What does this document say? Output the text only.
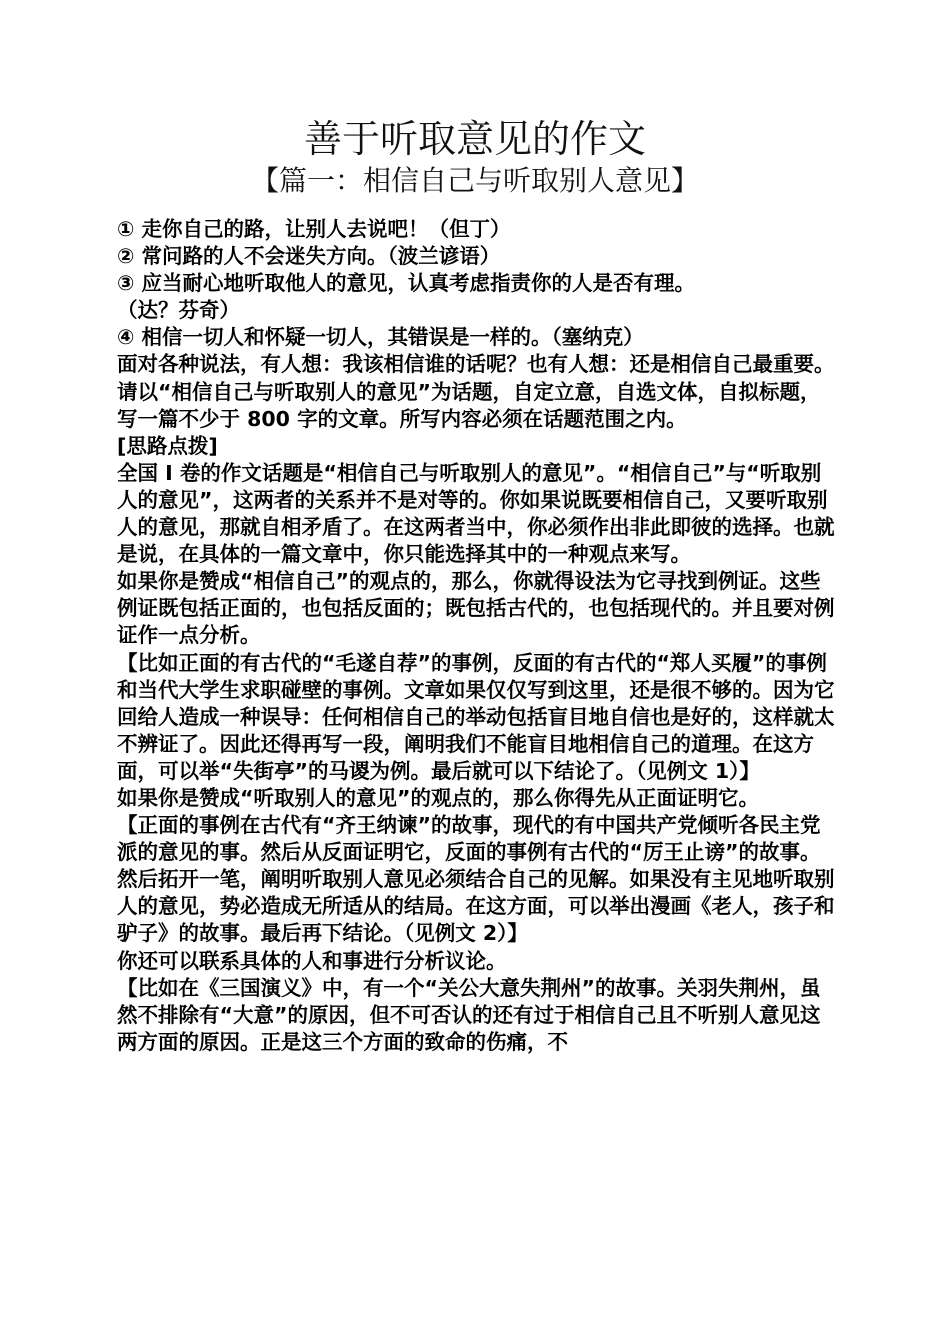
善于听取意见的作文
【篇一：相信自己与听取别人意见】

① 走你自己的路，让别人去说吧！（但丁）

② 常问路的人不会迷失方向。（波兰谚语）

③ 应当耐心地听取他人的意见，认真考虑指责你的人是否有理。

（达？芬奇）

④ 相信一切人和怀疑一切人，其错误是一样的。（塞纳克）

面对各种说法，有人想：我该相信谁的话呢？也有人想：还是相信自己最重要。请以“相信自己与听取别人的意见”为话题，自定立意，自选文体，自拟标题，写一篇不少于 800 字的文章。所写内容必须在话题范围之内。

[思路点拨]

全国 I 卷的作文话题是“相信自己与听取别人的意见”。“相信自己”与“听取别人的意见”，这两者的关系并不是对等的。你如果说既要相信自己，又要听取别人的意见，那就自相矛盾了。在这两者当中，你必须作出非此即彼的选择。也就是说，在具体的一篇文章中，你只能选择其中的一种观点来写。

如果你是赞成“相信自己”的观点的，那么，你就得设法为它寻找到例证。这些例证既包括正面的，也包括反面的；既包括古代的，也包括现代的。并且要对例证作一点分析。

【比如正面的有古代的“毛遂自荐”的事例，反面的有古代的“郑人买履”的事例和当代大学生求职碰壁的事例。文章如果仅仅写到这里，还是很不够的。因为它回给人造成一种误导：任何相信自己的举动包括盲目地自信也是好的，这样就太不辨证了。因此还得再写一段，阐明我们不能盲目地相信自己的道理。在这方面，可以举“失街亭”的马谡为例。最后就可以下结论了。（见例文 1）】

如果你是赞成“听取别人的意见”的观点的，那么你得先从正面证明它。

【正面的事例在古代有“齐王纳谏”的故事，现代的有中国共产党倾听各民主党派的意见的事。然后从反面证明它，反面的事例有古代的“厉王止谤”的故事。然后拓开一笔，阐明听取别人意见必须结合自己的见解。如果没有主见地听取别人的意见，势必造成无所适从的结局。在这方面，可以举出漫画《老人，孩子和驴子》的故事。最后再下结论。（见例文 2）】

你还可以联系具体的人和事进行分析议论。

【比如在《三国演义》中，有一个“关公大意失荆州”的故事。关羽失荆州，虽然不排除有“大意”的原因，但不可否认的还有过于相信自己且不听别人意见这两方面的原因。正是这三个方面的致命的伤痛，不
